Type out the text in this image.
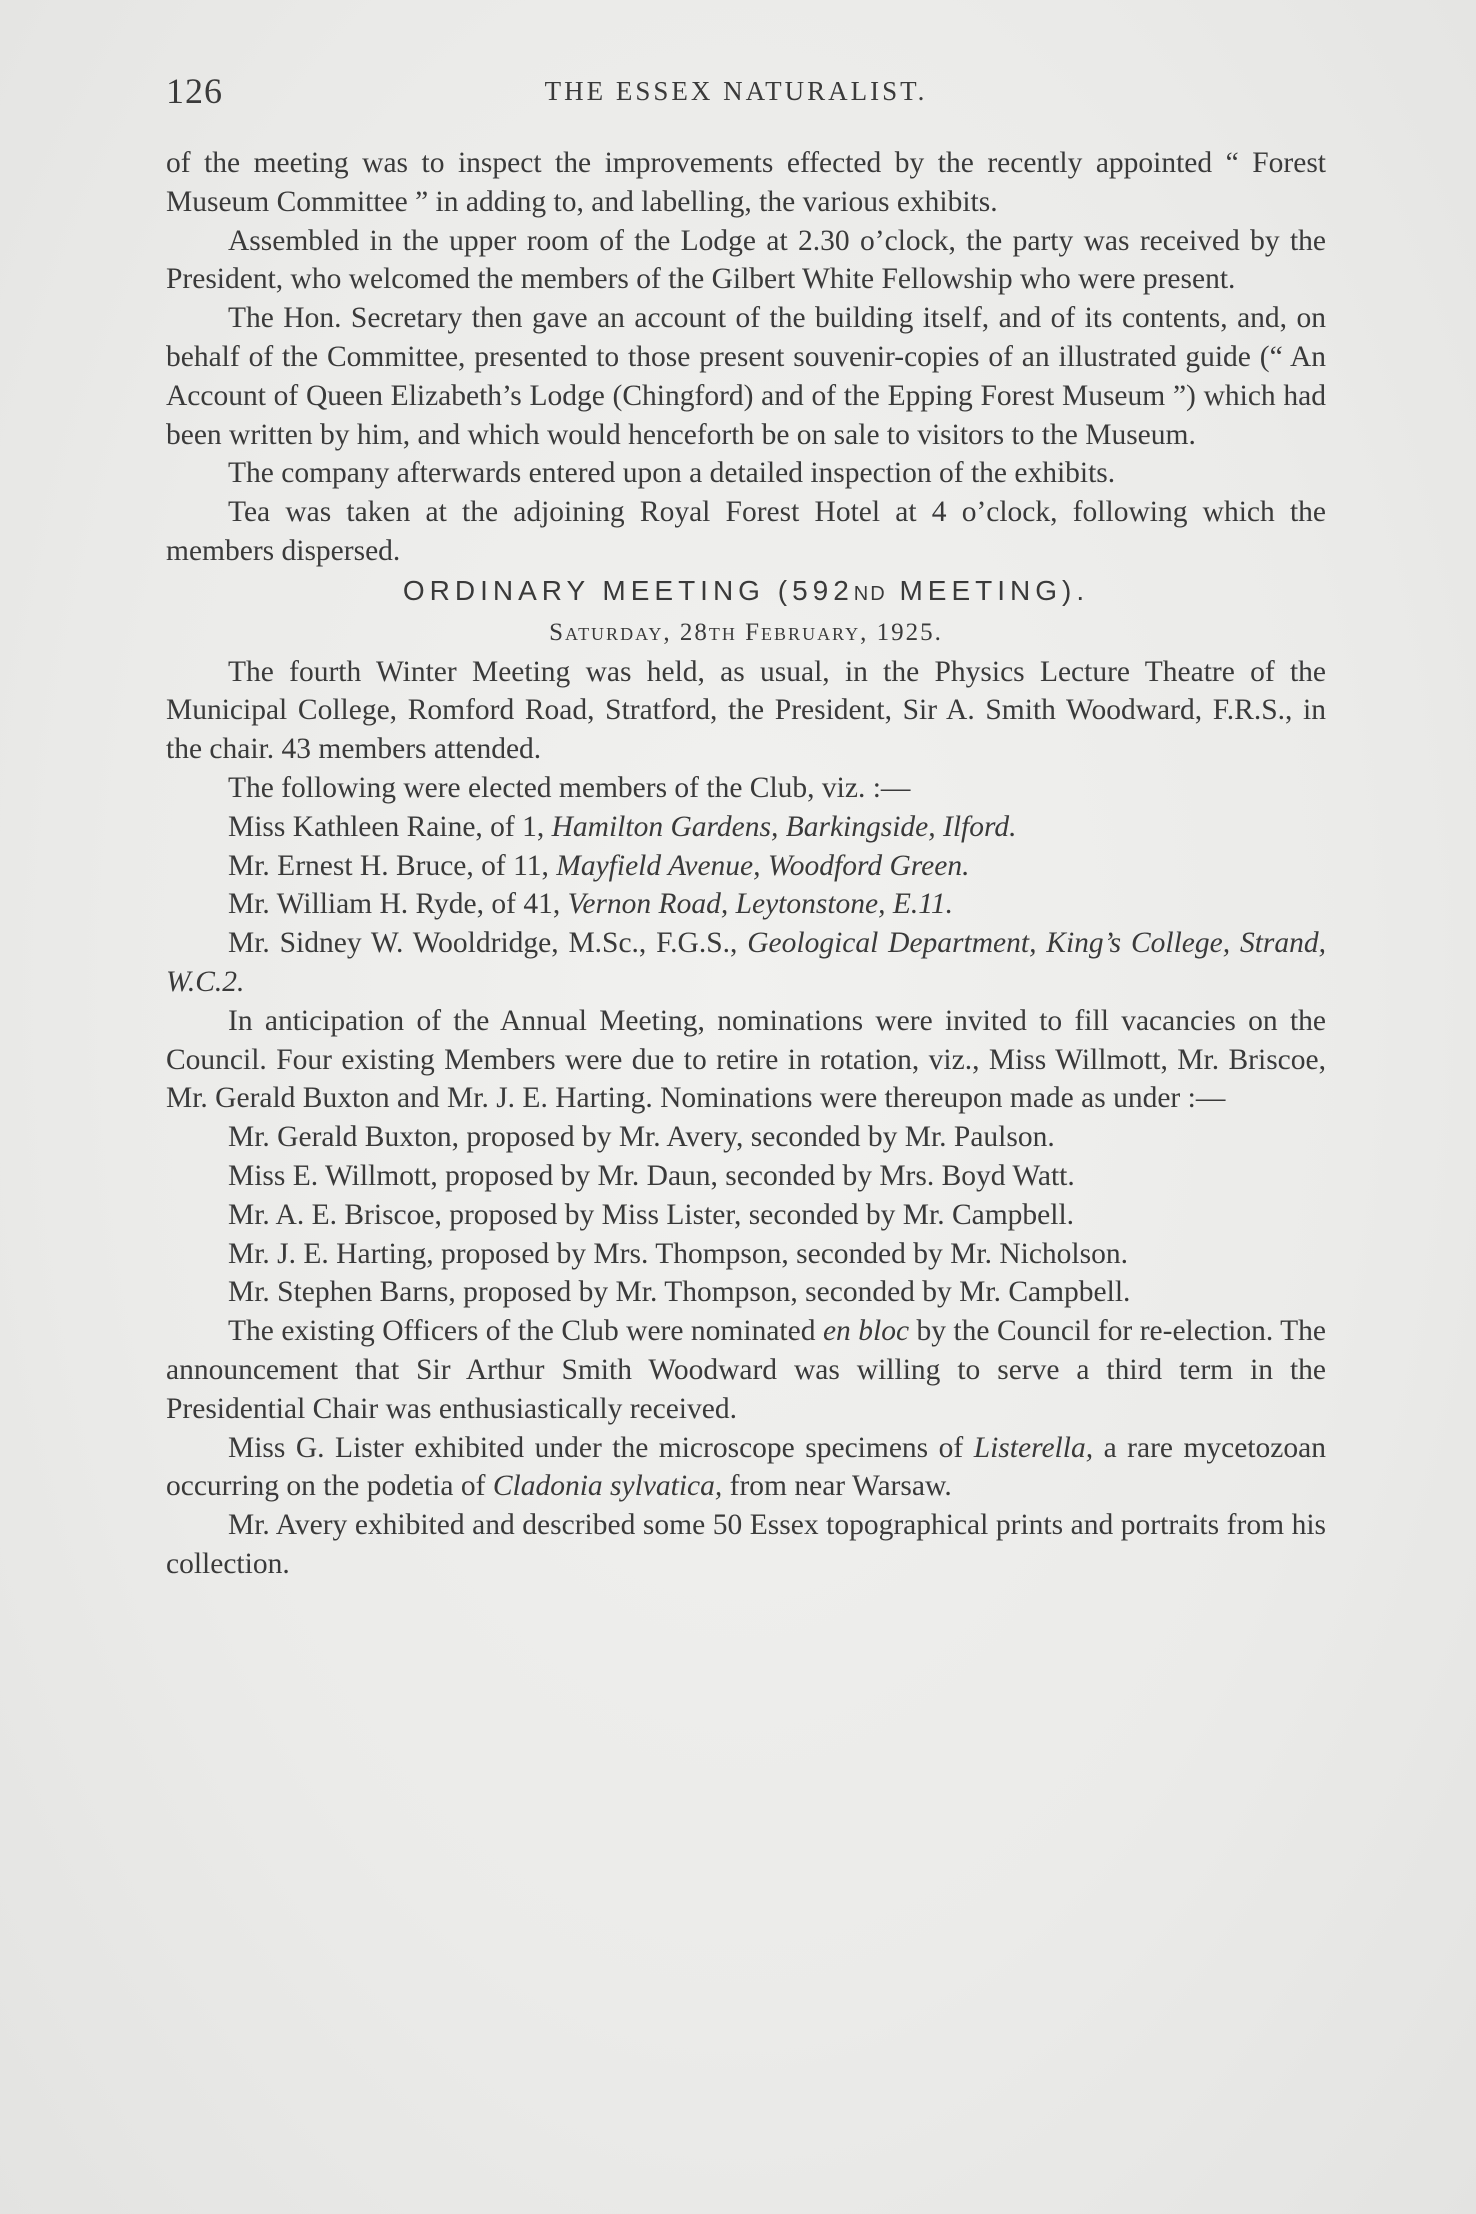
126	THE ESSEX NATURALIST.

of the meeting was to inspect the improvements effected by the recently appointed “ Forest Museum Committee ” in adding to, and labelling, the various exhibits.

Assembled in the upper room of the Lodge at 2.30 o’clock, the party was received by the President, who welcomed the members of the Gilbert White Fellowship who were present.

The Hon. Secretary then gave an account of the building itself, and of its contents, and, on behalf of the Committee, presented to those present souvenir-copies of an illustrated guide (“ An Account of Queen Elizabeth’s Lodge (Chingford) and of the Epping Forest Museum ”) which had been written by him, and which would henceforth be on sale to visitors to the Museum.

The company afterwards entered upon a detailed inspection of the exhibits.

Tea was taken at the adjoining Royal Forest Hotel at 4 o’clock, following which the members dispersed.

ORDINARY MEETING (592ND MEETING).

Saturday, 28th February, 1925.

The fourth Winter Meeting was held, as usual, in the Physics Lecture Theatre of the Municipal College, Romford Road, Stratford, the President, Sir A. Smith Woodward, F.R.S., in the chair. 43 members attended.

The following were elected members of the Club, viz. :—

Miss Kathleen Raine, of 1, Hamilton Gardens, Barkingside, Ilford.

Mr. Ernest H. Bruce, of 11, Mayfield Avenue, Woodford Green.

Mr. William H. Ryde, of 41, Vernon Road, Leytonstone, E.11.

Mr. Sidney W. Wooldridge, M.Sc., F.G.S., Geological Department, King’s College, Strand, W.C.2.

In anticipation of the Annual Meeting, nominations were invited to fill vacancies on the Council. Four existing Members were due to retire in rotation, viz., Miss Willmott, Mr. Briscoe, Mr. Gerald Buxton and Mr. J. E. Harting. Nominations were thereupon made as under :—

Mr. Gerald Buxton, proposed by Mr. Avery, seconded by Mr. Paulson.

Miss E. Willmott, proposed by Mr. Daun, seconded by Mrs. Boyd Watt.

Mr. A. E. Briscoe, proposed by Miss Lister, seconded by Mr. Campbell.

Mr. J. E. Harting, proposed by Mrs. Thompson, seconded by Mr. Nicholson.

Mr. Stephen Barns, proposed by Mr. Thompson, seconded by Mr. Campbell.

The existing Officers of the Club were nominated en bloc by the Council for re-election. The announcement that Sir Arthur Smith Woodward was willing to serve a third term in the Presidential Chair was enthusiastically received.

Miss G. Lister exhibited under the microscope specimens of Listerella, a rare mycetozoan occurring on the podetia of Cladonia sylvatica, from near Warsaw.

Mr. Avery exhibited and described some 50 Essex topographical prints and portraits from his collection.
